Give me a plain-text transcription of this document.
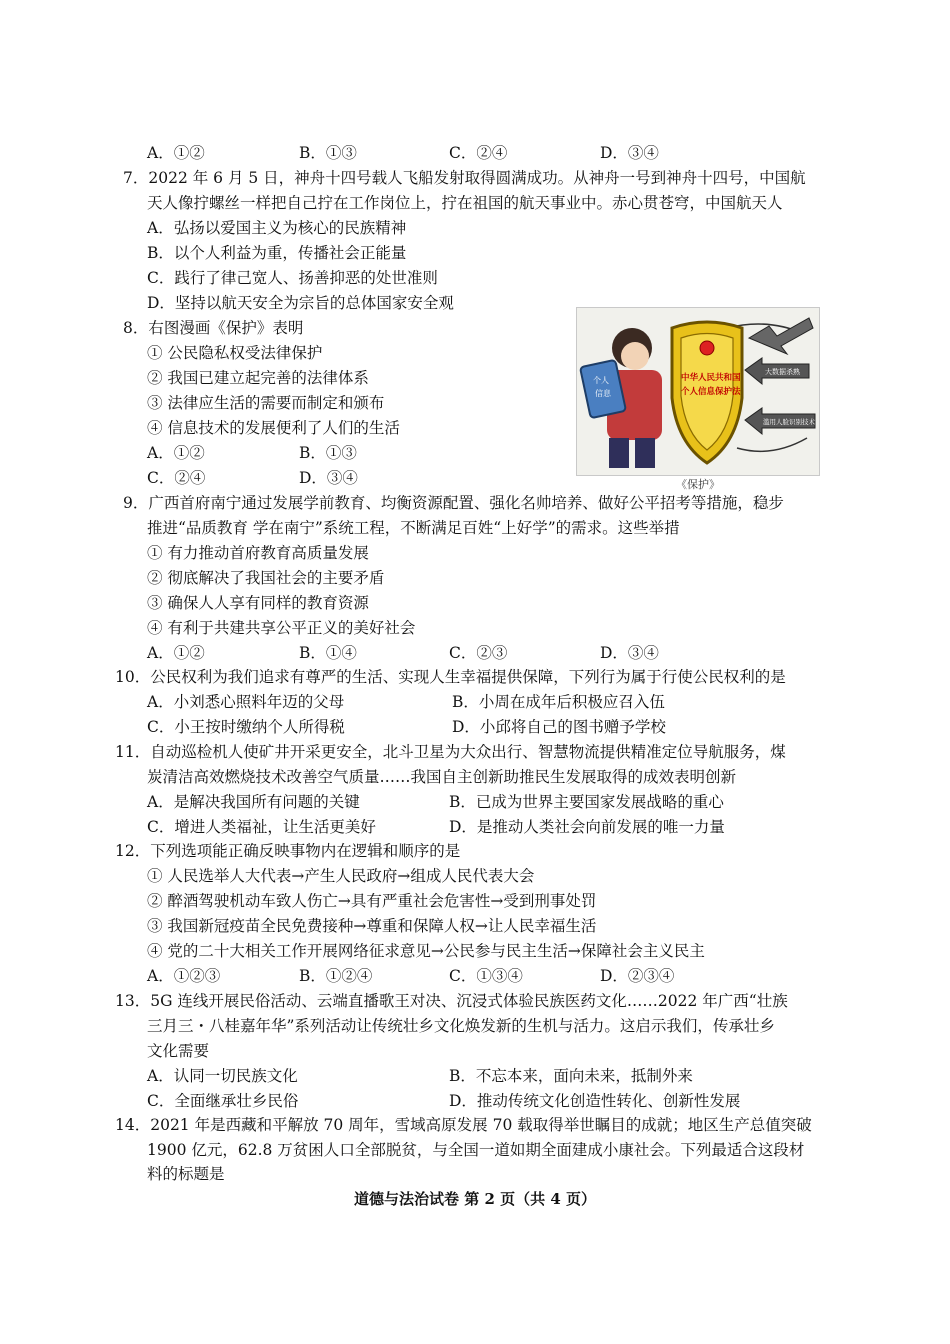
A．①②	B．①③	C．②④	D．③④
7．2022 年 6 月 5 日，神舟十四号载人飞船发射取得圆满成功。从神舟一号到神舟十四号，中国航
天人像拧螺丝一样把自己拧在工作岗位上，拧在祖国的航天事业中。赤心贯苍穹，中国航天人
A．弘扬以爱国主义为核心的民族精神
B．以个人利益为重，传播社会正能量
C．践行了律己宽人、扬善抑恶的处世准则
D．坚持以航天安全为宗旨的总体国家安全观
8．右图漫画《保护》表明
① 公民隐私权受法律保护
② 我国已建立起完善的法律体系
③ 法律应生活的需要而制定和颁布
④ 信息技术的发展便利了人们的生活
A．①②	B．①③
C．②④	D．③④
个人
信息
中华人民共和国
个人信息保护法
大数据杀熟
滥用人脸识别技术
《保护》
9．广西首府南宁通过发展学前教育、均衡资源配置、强化名帅培养、做好公平招考等措施，稳步
推进“品质教育 学在南宁”系统工程，不断满足百姓“上好学”的需求。这些举措
① 有力推动首府教育高质量发展
② 彻底解决了我国社会的主要矛盾
③ 确保人人享有同样的教育资源
④ 有利于共建共享公平正义的美好社会
A．①②	B．①④	C．②③	D．③④
10．公民权利为我们追求有尊严的生活、实现人生幸福提供保障，下列行为属于行使公民权利的是
A．小刘悉心照料年迈的父母	B．小周在成年后积极应召入伍
C．小王按时缴纳个人所得税	D．小邱将自己的图书赠予学校
11．自动巡检机人使矿井开采更安全，北斗卫星为大众出行、智慧物流提供精准定位导航服务，煤
炭清洁高效燃烧技术改善空气质量……我国自主创新助推民生发展取得的成效表明创新
A．是解决我国所有问题的关键	B．已成为世界主要国家发展战略的重心
C．增进人类福祉，让生活更美好	D．是推动人类社会向前发展的唯一力量
12．下列选项能正确反映事物内在逻辑和顺序的是
① 人民选举人大代表→产生人民政府→组成人民代表大会
② 醉酒驾驶机动车致人伤亡→具有严重社会危害性→受到刑事处罚
③ 我国新冠疫苗全民免费接种→尊重和保障人权→让人民幸福生活
④ 党的二十大相关工作开展网络征求意见→公民参与民主生活→保障社会主义民主
A．①②③	B．①②④	C．①③④	D．②③④
13．5G 连线开展民俗活动、云端直播歌王对决、沉浸式体验民族医药文化……2022 年广西“壮族
三月三・八桂嘉年华”系列活动让传统壮乡文化焕发新的生机与活力。这启示我们，传承壮乡
文化需要
A．认同一切民族文化	B．不忘本来，面向未来，抵制外来
C．全面继承壮乡民俗	D．推动传统文化创造性转化、创新性发展
14．2021 年是西藏和平解放 70 周年，雪域高原发展 70 载取得举世瞩目的成就；地区生产总值突破
1900 亿元，62.8 万贫困人口全部脱贫，与全国一道如期全面建成小康社会。下列最适合这段材
料的标题是
道德与法治试卷 第 2 页（共 4 页）
